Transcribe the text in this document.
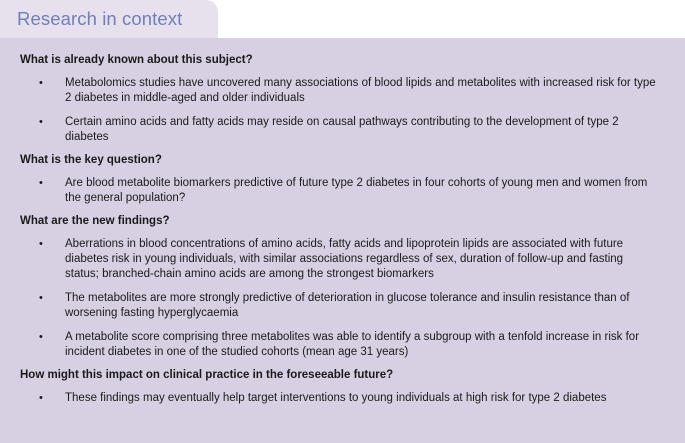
Research in context
What is already known about this subject?
• Metabolomics studies have uncovered many associations of blood lipids and metabolites with increased risk for type 2 diabetes in middle-aged and older individuals
• Certain amino acids and fatty acids may reside on causal pathways contributing to the development of type 2 diabetes
What is the key question?
• Are blood metabolite biomarkers predictive of future type 2 diabetes in four cohorts of young men and women from the general population?
What are the new findings?
• Aberrations in blood concentrations of amino acids, fatty acids and lipoprotein lipids are associated with future diabetes risk in young individuals, with similar associations regardless of sex, duration of follow-up and fasting status; branched-chain amino acids are among the strongest biomarkers
• The metabolites are more strongly predictive of deterioration in glucose tolerance and insulin resistance than of worsening fasting hyperglycaemia
• A metabolite score comprising three metabolites was able to identify a subgroup with a tenfold increase in risk for incident diabetes in one of the studied cohorts (mean age 31 years)
How might this impact on clinical practice in the foreseeable future?
• These findings may eventually help target interventions to young individuals at high risk for type 2 diabetes
